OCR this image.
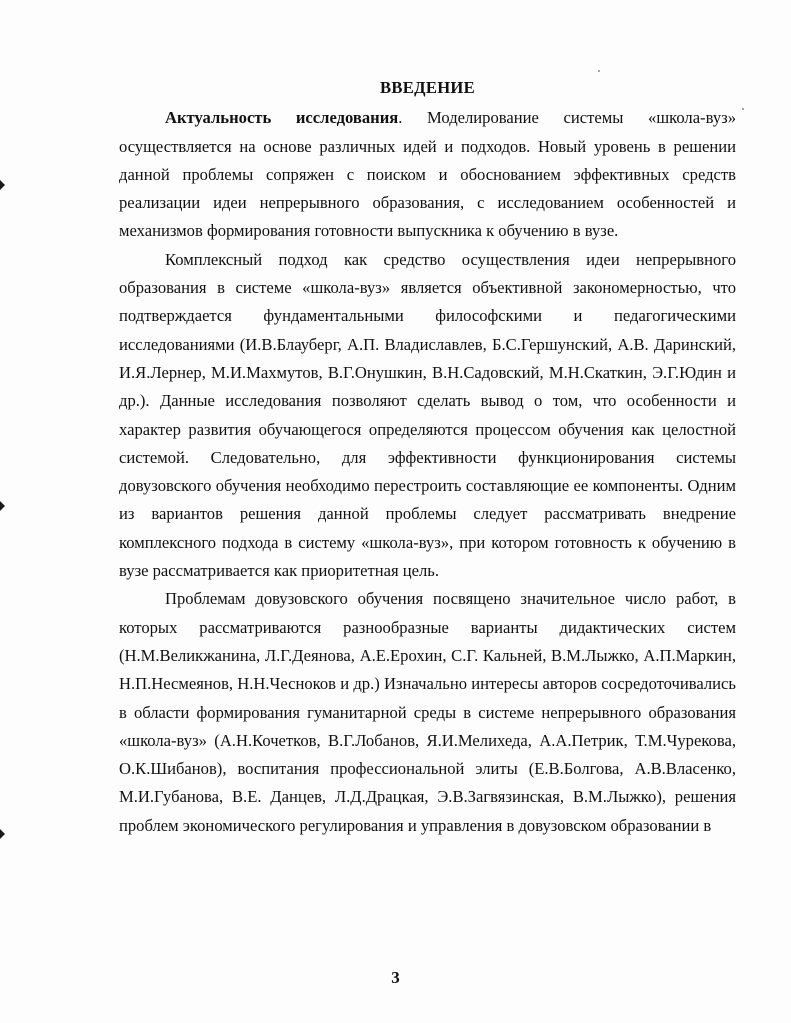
ВВЕДЕНИЕ

Актуальность исследования. Моделирование системы «школа-вуз» осуществляется на основе различных идей и подходов. Новый уровень в решении данной проблемы сопряжен с поиском и обоснованием эффективных средств реализации идеи непрерывного образования, с исследованием особенностей и механизмов формирования готовности выпускника к обучению в вузе.

Комплексный подход как средство осуществления идеи непрерывного образования в системе «школа-вуз» является объективной закономерностью, что подтверждается фундаментальными философскими и педагогическими исследованиями (И.В.Блауберг, А.П. Владиславлев, Б.С.Гершунский, А.В. Даринский, И.Я.Лернер, М.И.Махмутов, В.Г.Онушкин, В.Н.Садовский, М.Н.Скаткин, Э.Г.Юдин и др.). Данные исследования позволяют сделать вывод о том, что особенности и характер развития обучающегося определяются процессом обучения как целостной системой. Следовательно, для эффективности функционирования системы довузовского обучения необходимо перестроить составляющие ее компоненты. Одним из вариантов решения данной проблемы следует рассматривать внедрение комплексного подхода в систему «школа-вуз», при котором готовность к обучению в вузе рассматривается как приоритетная цель.

Проблемам довузовского обучения посвящено значительное число работ, в которых рассматриваются разнообразные варианты дидактических систем (Н.М.Великжанина, Л.Г.Деянова, А.Е.Ерохин, С.Г. Кальней, В.М.Лыжко, А.П.Маркин, Н.П.Несмеянов, Н.Н.Чесноков и др.) Изначально интересы авторов сосредоточивались в области формирования гуманитарной среды в системе непрерывного образования «школа-вуз» (А.Н.Кочетков, В.Г.Лобанов, Я.И.Мелихеда, А.А.Петрик, Т.М.Чурекова, О.К.Шибанов), воспитания профессиональной элиты (Е.В.Болгова, А.В.Власенко, М.И.Губанова, В.Е. Данцев, Л.Д.Драцкая, Э.В.Загвязинская, В.М.Лыжко), решения проблем экономического регулирования и управления в довузовском образовании в

3
